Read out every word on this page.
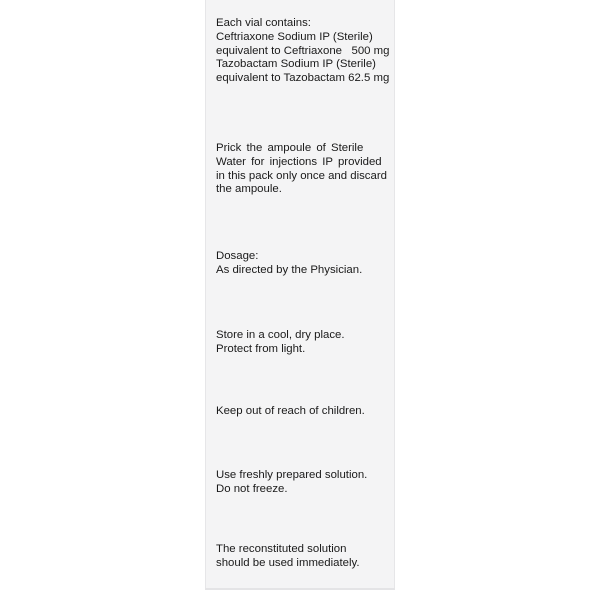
Each vial contains:
Ceftriaxone Sodium IP (Sterile)
equivalent to Ceftriaxone   500 mg
Tazobactam Sodium IP (Sterile)
equivalent to Tazobactam 62.5 mg

Prick the ampoule of Sterile
Water for injections IP provided
in this pack only once and discard
the ampoule.

Dosage:
As directed by the Physician.

Store in a cool, dry place.
Protect from light.

Keep out of reach of children.

Use freshly prepared solution.
Do not freeze.

The reconstituted solution
should be used immediately.
